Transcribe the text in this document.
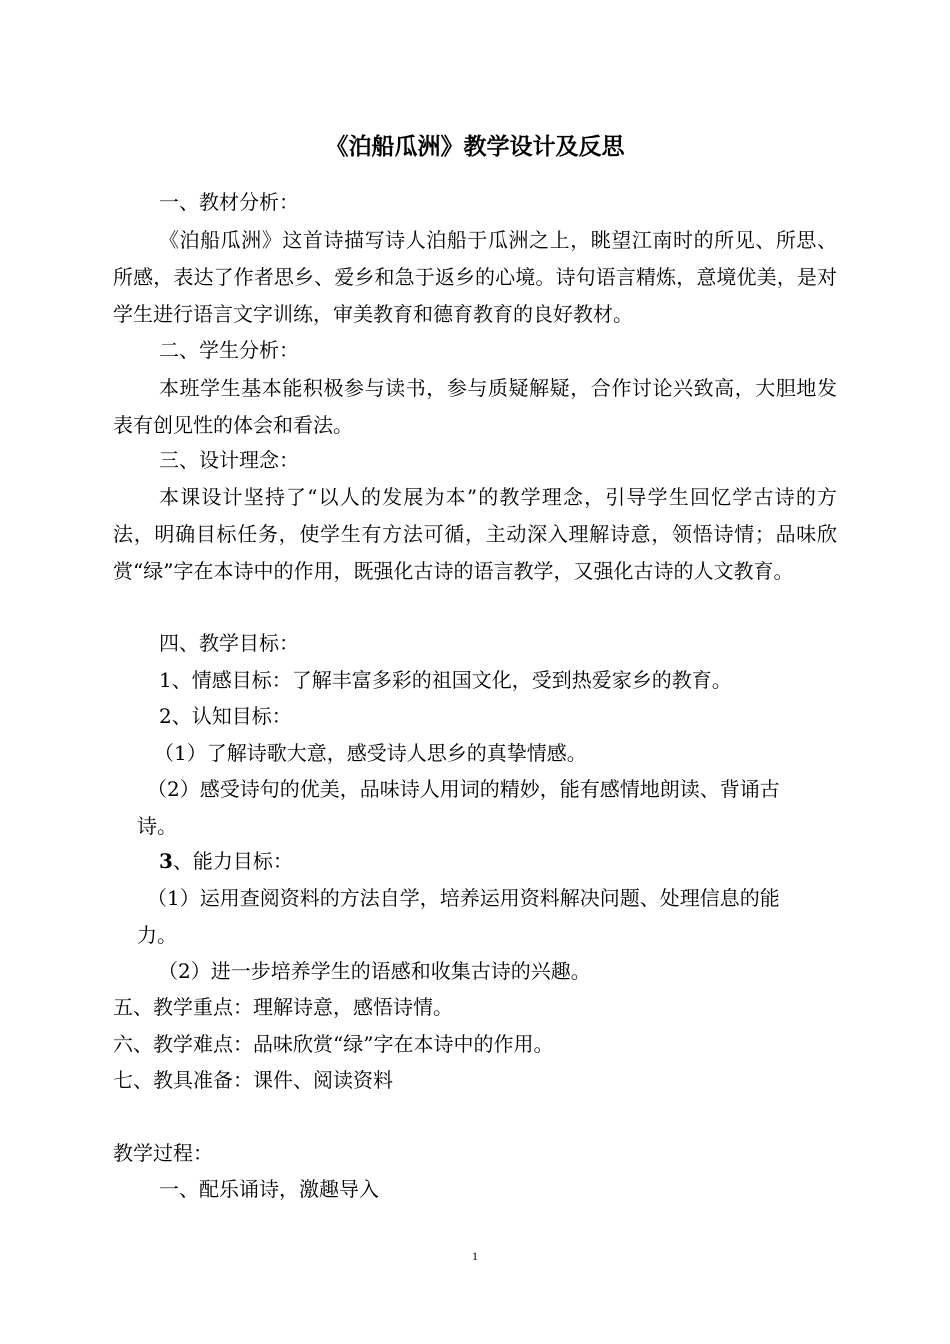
《泊船瓜洲》教学设计及反思
一、教材分析：
《泊船瓜洲》这首诗描写诗人泊船于瓜洲之上，眺望江南时的所见、所思、所感，表达了作者思乡、爱乡和急于返乡的心境。诗句语言精炼，意境优美，是对学生进行语言文字训练，审美教育和德育教育的良好教材。
二、学生分析：
本班学生基本能积极参与读书，参与质疑解疑，合作讨论兴致高，大胆地发表有创见性的体会和看法。
三、设计理念：
本课设计坚持了“以人的发展为本”的教学理念，引导学生回忆学古诗的方法，明确目标任务，使学生有方法可循，主动深入理解诗意，领悟诗情；品味欣赏“绿”字在本诗中的作用，既强化古诗的语言教学，又强化古诗的人文教育。
四、教学目标：
1、情感目标：了解丰富多彩的祖国文化，受到热爱家乡的教育。
2、认知目标：
（1）了解诗歌大意，感受诗人思乡的真挚情感。
（2）感受诗句的优美，品味诗人用词的精妙，能有感情地朗读、背诵古
诗。
3、能力目标：
（1）运用查阅资料的方法自学，培养运用资料解决问题、处理信息的能
力。
（2）进一步培养学生的语感和收集古诗的兴趣。
五、教学重点：理解诗意，感悟诗情。
六、教学难点：品味欣赏“绿”字在本诗中的作用。
七、教具准备：课件、阅读资料
教学过程：
一、配乐诵诗，激趣导入
1
